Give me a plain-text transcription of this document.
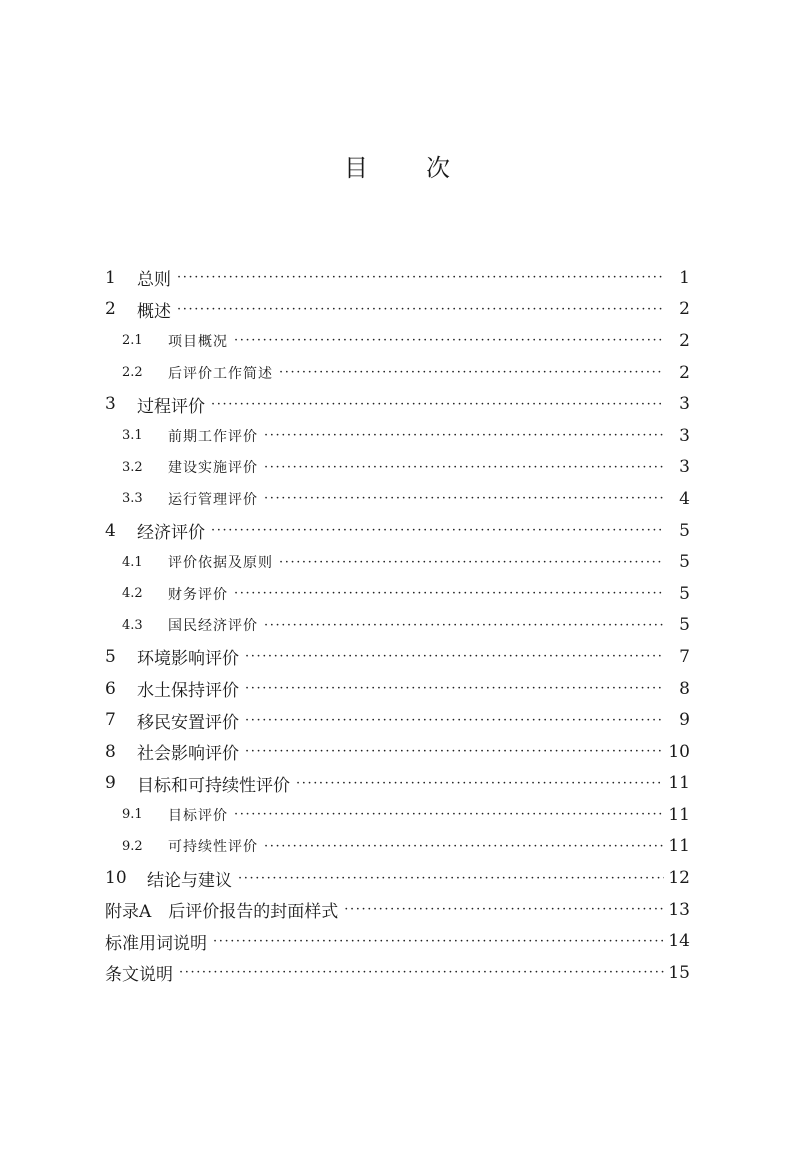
目 次
1	总则 ·····	1
2	概述 ·····	2
2.1	项目概况 ·····	2
2.2	后评价工作简述 ·····	2
3	过程评价 ·····	3
3.1	前期工作评价 ·····	3
3.2	建设实施评价 ·····	3
3.3	运行管理评价 ·····	4
4	经济评价 ·····	5
4.1	评价依据及原则 ·····	5
4.2	财务评价 ·····	5
4.3	国民经济评价 ·····	5
5	环境影响评价 ·····	7
6	水土保持评价 ·····	8
7	移民安置评价 ·····	9
8	社会影响评价 ·····	10
9	目标和可持续性评价 ·····	11
9.1	目标评价 ·····	11
9.2	可持续性评价 ·····	11
10	结论与建议 ·····	12
附录A　后评价报告的封面样式 ·····	13
标准用词说明 ·····	14
条文说明 ·····	15
